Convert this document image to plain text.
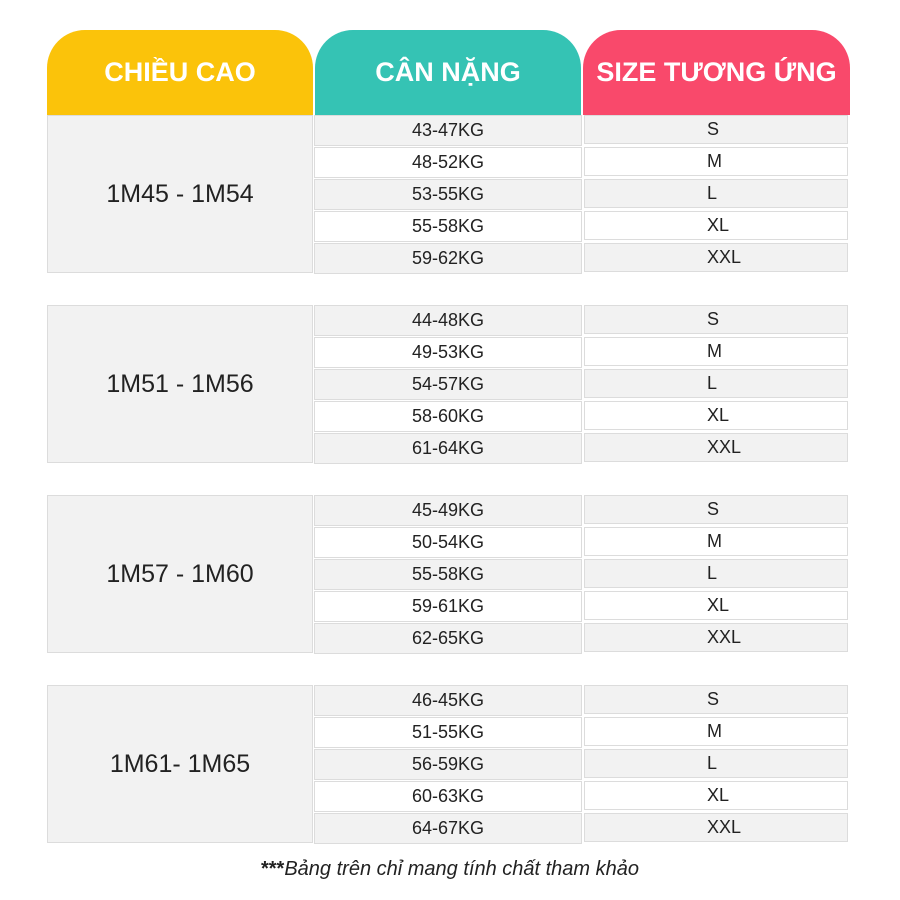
CHIỀU CAO	CÂN NẶNG	SIZE TƯƠNG ỨNG
1M45 - 1M54
43-47KG	S
48-52KG	M
53-55KG	L
55-58KG	XL
59-62KG	XXL
1M51 - 1M56
44-48KG	S
49-53KG	M
54-57KG	L
58-60KG	XL
61-64KG	XXL
1M57 - 1M60
45-49KG	S
50-54KG	M
55-58KG	L
59-61KG	XL
62-65KG	XXL
1M61- 1M65
46-45KG	S
51-55KG	M
56-59KG	L
60-63KG	XL
64-67KG	XXL
***Bảng trên chỉ mang tính chất tham khảo
